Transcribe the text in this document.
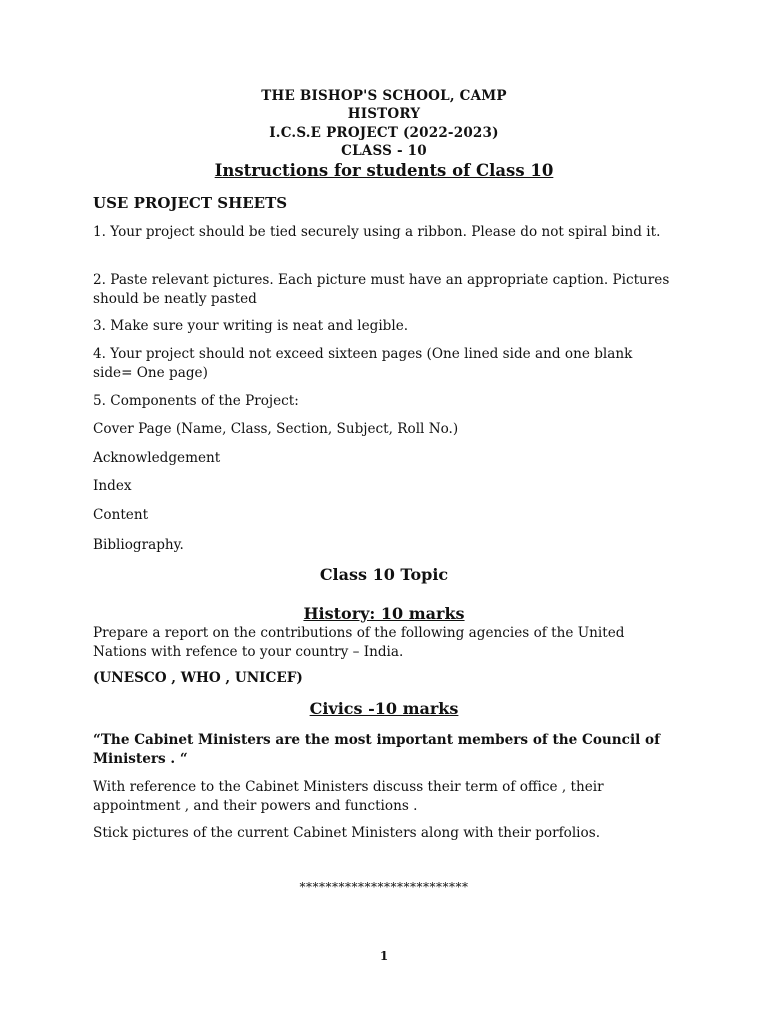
THE BISHOP'S SCHOOL, CAMP
HISTORY
I.C.S.E PROJECT (2022-2023)
CLASS - 10
Instructions for students of Class 10
USE PROJECT SHEETS
1. Your project should be tied securely using a ribbon. Please do not spiral bind it.
2. Paste relevant pictures. Each picture must have an appropriate caption. Pictures should be neatly pasted
3. Make sure your writing is neat and legible.
4. Your project should not exceed sixteen pages (One lined side and one blank side= One page)
5. Components of the Project:
Cover Page (Name, Class, Section, Subject, Roll No.)
Acknowledgement
Index
Content
Bibliography.
Class 10 Topic
History: 10 marks
Prepare a report on the contributions of the following agencies of the United Nations with refence to your country – India.
(UNESCO , WHO , UNICEF)
Civics -10 marks
“The Cabinet Ministers are the most important members of the Council of Ministers . “
With reference to the Cabinet Ministers discuss their term of office , their appointment , and their powers and functions .
Stick pictures of the current Cabinet Ministers along with their porfolios.
**************************
1
